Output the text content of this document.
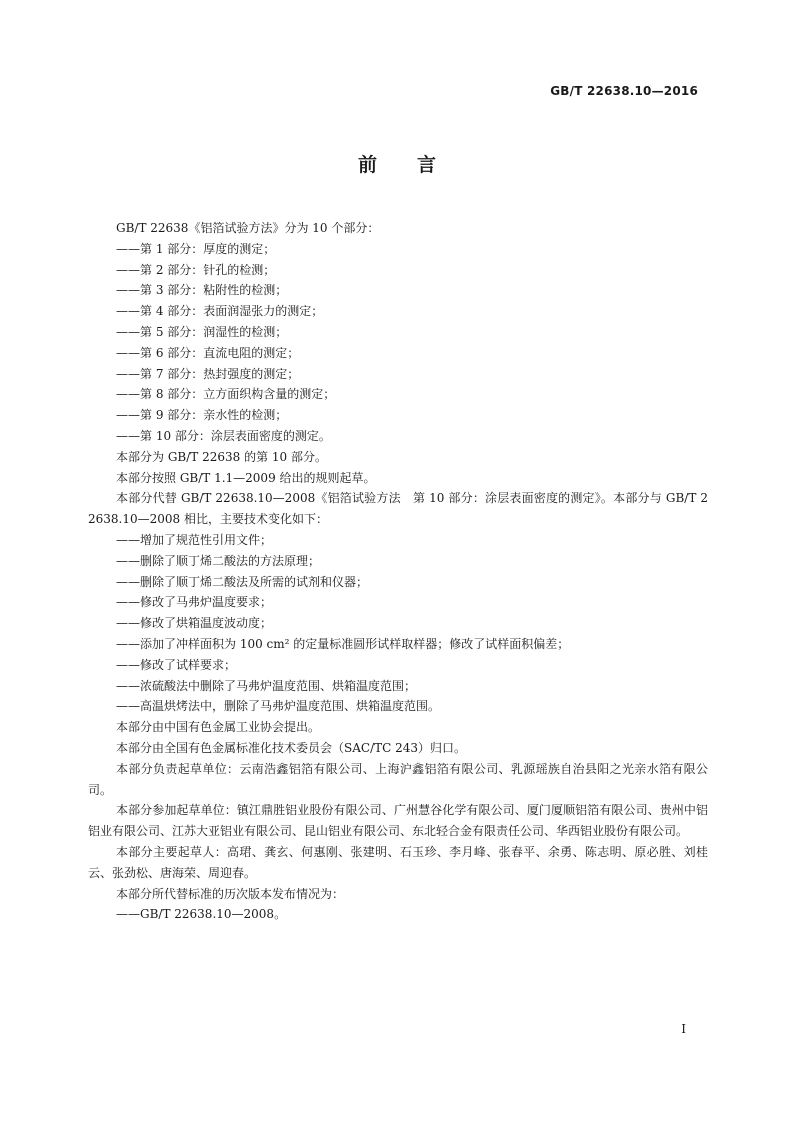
GB/T 22638.10—2016
前 言

GB/T 22638《铝箔试验方法》分为 10 个部分：

——第 1 部分：厚度的测定；

——第 2 部分：针孔的检测；

——第 3 部分：粘附性的检测；

——第 4 部分：表面润湿张力的测定；

——第 5 部分：润湿性的检测；

——第 6 部分：直流电阻的测定；

——第 7 部分：热封强度的测定；

——第 8 部分：立方面织构含量的测定；

——第 9 部分：亲水性的检测；

——第 10 部分：涂层表面密度的测定。

本部分为 GB/T 22638 的第 10 部分。

本部分按照 GB/T 1.1—2009 给出的规则起草。

本部分代替 GB/T 22638.10—2008《铝箔试验方法　第 10 部分：涂层表面密度的测定》。本部分与 GB/T 22638.10—2008 相比，主要技术变化如下：

——增加了规范性引用文件；

——删除了顺丁烯二酸法的方法原理；

——删除了顺丁烯二酸法及所需的试剂和仪器；

——修改了马弗炉温度要求；

——修改了烘箱温度波动度；

——添加了冲样面积为 100 cm² 的定量标准圆形试样取样器；修改了试样面积偏差；

——修改了试样要求；

——浓硫酸法中删除了马弗炉温度范围、烘箱温度范围；

——高温烘烤法中，删除了马弗炉温度范围、烘箱温度范围。

本部分由中国有色金属工业协会提出。

本部分由全国有色金属标准化技术委员会（SAC/TC 243）归口。

本部分负责起草单位：云南浩鑫铝箔有限公司、上海沪鑫铝箔有限公司、乳源瑶族自治县阳之光亲水箔有限公司。

本部分参加起草单位：镇江鼎胜铝业股份有限公司、广州慧谷化学有限公司、厦门厦顺铝箔有限公司、贵州中铝铝业有限公司、江苏大亚铝业有限公司、昆山铝业有限公司、东北轻合金有限责任公司、华西铝业股份有限公司。

本部分主要起草人：高珺、龚玄、何惠刚、张建明、石玉珍、李月峰、张春平、余勇、陈志明、原必胜、刘桂云、张劲松、唐海荣、周迎春。

本部分所代替标准的历次版本发布情况为：

——GB/T 22638.10—2008。

I
